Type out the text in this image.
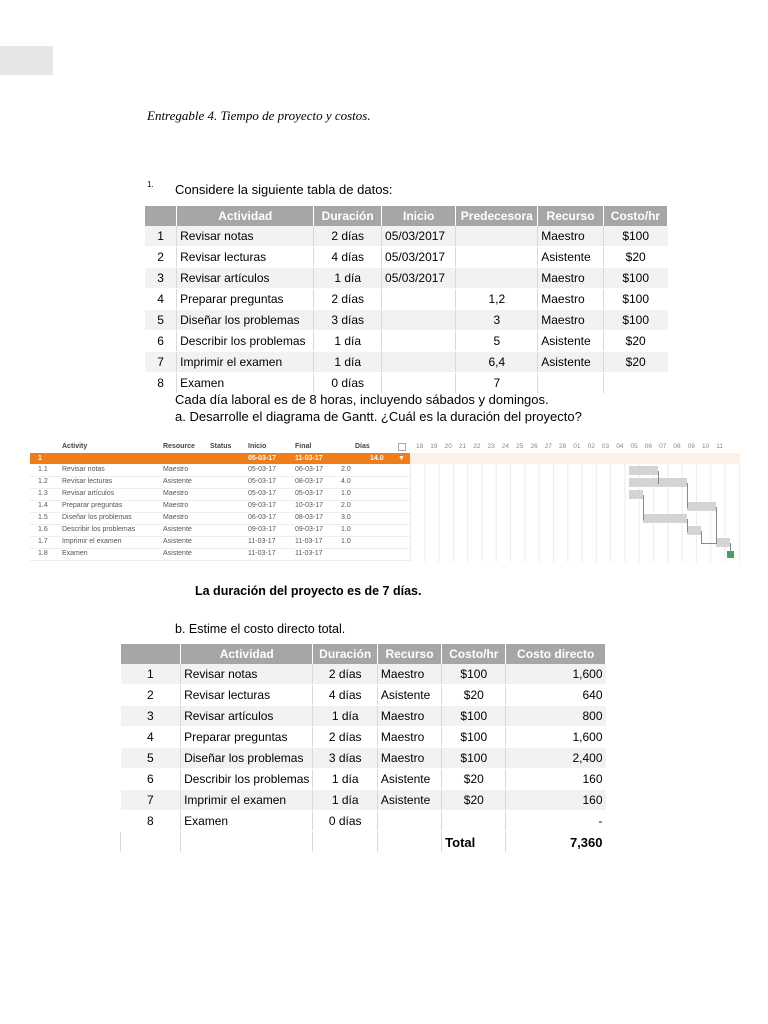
Entregable 4. Tiempo de proyecto y costos.
1. Considere la siguiente tabla de datos:
	Actividad	Duración	Inicio	Predecesora	Recurso	Costo/hr
1	Revisar notas	2 días	05/03/2017		Maestro	$100
2	Revisar lecturas	4 días	05/03/2017		Asistente	$20
3	Revisar artículos	1 día	05/03/2017		Maestro	$100
4	Preparar preguntas	2 días		1,2	Maestro	$100
5	Diseñar los problemas	3 días		3	Maestro	$100
6	Describir los problemas	1 día		5	Asistente	$20
7	Imprimir el examen	1 día		6,4	Asistente	$20
8	Examen	0 días		7		
Cada día laboral es de 8 horas, incluyendo sábados y domingos.
a. Desarrolle el diagrama de Gantt. ¿Cuál es la duración del proyecto?
Activity	Resource Status Inicio	Final	Días	18 19 20 21 22 23 24 25 26 27 28 01 02 03 04 05 06 07 08 09 10 11
1	05-03-17	11-03-17	14.0 ▼
1.1 Revisar notas	Maestro	05-03-17	06-03-17	2.0
1.2 Revisar lecturas	Asistente	05-03-17	08-03-17	4.0
1.3 Revisar artículos	Maestro	05-03-17	05-03-17	1.0
1.4 Preparar preguntas	Maestro	09-03-17	10-03-17	2.0
1.5 Diseñar los problemas	Maestro	06-03-17	08-03-17	3.0
1.6 Describir los problemas	Asistente	09-03-17	09-03-17	1.0
1.7 Imprimir el examen	Asistente	11-03-17	11-03-17	1.0
1.8 Examen	Asistente	11-03-17	11-03-17
La duración del proyecto es de 7 días.
b. Estime el costo directo total.
	Actividad	Duración	Recurso	Costo/hr	Costo directo
1	Revisar notas	2 días	Maestro	$100	1,600
2	Revisar lecturas	4 días	Asistente	$20	640
3	Revisar artículos	1 día	Maestro	$100	800
4	Preparar preguntas	2 días	Maestro	$100	1,600
5	Diseñar los problemas	3 días	Maestro	$100	2,400
6	Describir los problemas	1 día	Asistente	$20	160
7	Imprimir el examen	1 día	Asistente	$20	160
8	Examen	0 días			-
				Total	7,360
